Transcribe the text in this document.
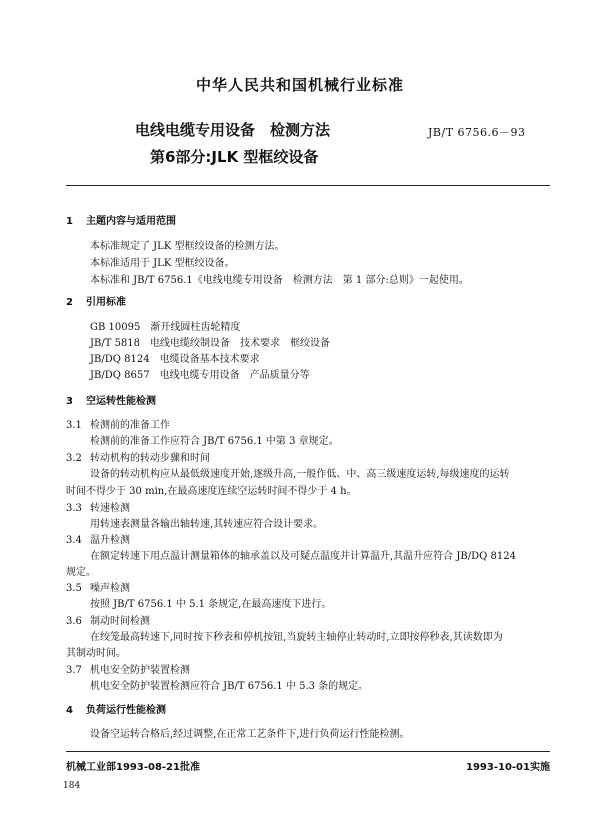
中华人民共和国机械行业标准
电线电缆专用设备　检测方法	JB/T 6756.6－93
第6部分:JLK 型框绞设备
1 主题内容与适用范围
本标准规定了 JLK 型框绞设备的检测方法。
本标准适用于 JLK 型框绞设备。
本标准和 JB/T 6756.1《电线电缆专用设备　检测方法　第 1 部分:总则》一起使用。
2 引用标准
GB 10095 渐开线圆柱齿轮精度
JB/T 5818 电线电缆绞制设备　技术要求　框绞设备
JB/DQ 8124 电缆设备基本技术要求
JB/DQ 8657 电线电缆专用设备　产品质量分等
3 空运转性能检测
3.1 检测前的准备工作
检测前的准备工作应符合 JB/T 6756.1 中第 3 章规定。
3.2 转动机构的转动步骤和时间
设备的转动机构应从最低级速度开始,逐级升高,一般作低、中、高三级速度运转,每级速度的运转
时间不得少于 30 min,在最高速度连续空运转时间不得少于 4 h。
3.3 转速检测
用转速表测量各输出轴转速,其转速应符合设计要求。
3.4 温升检测
在额定转速下用点温计测量箱体的轴承盖以及可疑点温度并计算温升,其温升应符合 JB/DQ 8124
规定。
3.5 噪声检测
按照 JB/T 6756.1 中 5.1 条规定,在最高速度下进行。
3.6 制动时间检测
在绞笼最高转速下,同时按下秒表和停机按钮,当旋转主轴停止转动时,立即按停秒表,其读数即为
其制动时间。
3.7 机电安全防护装置检测
机电安全防护装置检测应符合 JB/T 6756.1 中 5.3 条的规定。
4 负荷运行性能检测
设备空运转合格后,经过调整,在正常工艺条件下,进行负荷运行性能检测。
机械工业部1993-08-21批准	1993-10-01实施
184
